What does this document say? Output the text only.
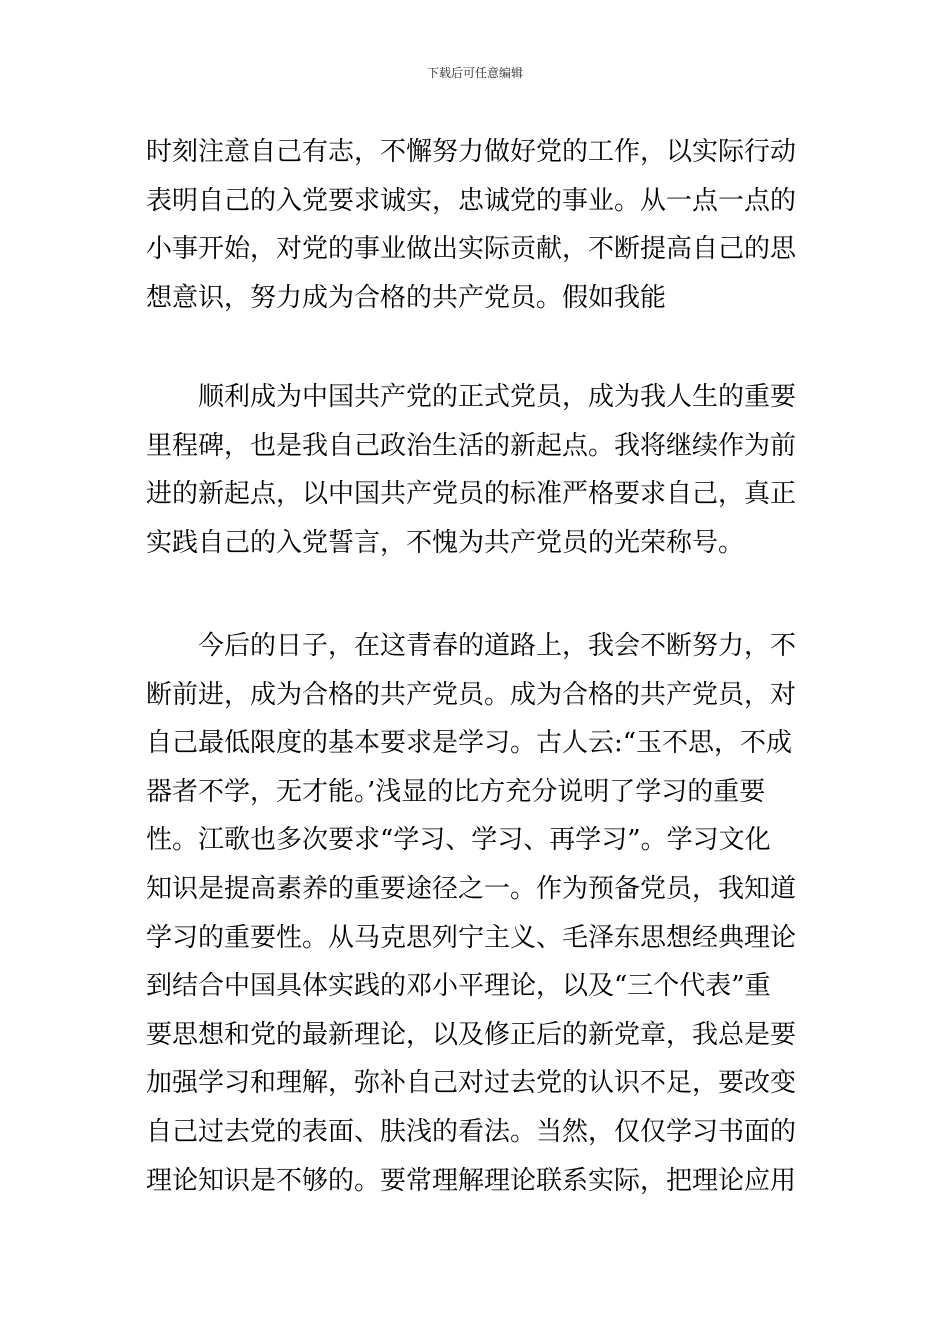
下载后可任意编辑
时刻注意自己有志，不懈努力做好党的工作，以实际行动
表明自己的入党要求诚实，忠诚党的事业。从一点一点的
小事开始，对党的事业做出实际贡献，不断提高自己的思
想意识，努力成为合格的共产党员。假如我能
顺利成为中国共产党的正式党员，成为我人生的重要
里程碑，也是我自己政治生活的新起点。我将继续作为前
进的新起点，以中国共产党员的标准严格要求自己，真正
实践自己的入党誓言，不愧为共产党员的光荣称号。
今后的日子，在这青春的道路上，我会不断努力，不
断前进，成为合格的共产党员。成为合格的共产党员，对
自己最低限度的基本要求是学习。古人云:“玉不思，不成
器者不学，无才能。’浅显的比方充分说明了学习的重要
性。江歌也多次要求“学习、学习、再学习”。学习文化
知识是提高素养的重要途径之一。作为预备党员，我知道
学习的重要性。从马克思列宁主义、毛泽东思想经典理论
到结合中国具体实践的邓小平理论，以及“三个代表”重
要思想和党的最新理论，以及修正后的新党章，我总是要
加强学习和理解，弥补自己对过去党的认识不足，要改变
自己过去党的表面、肤浅的看法。当然，仅仅学习书面的
理论知识是不够的。要常理解理论联系实际，把理论应用
